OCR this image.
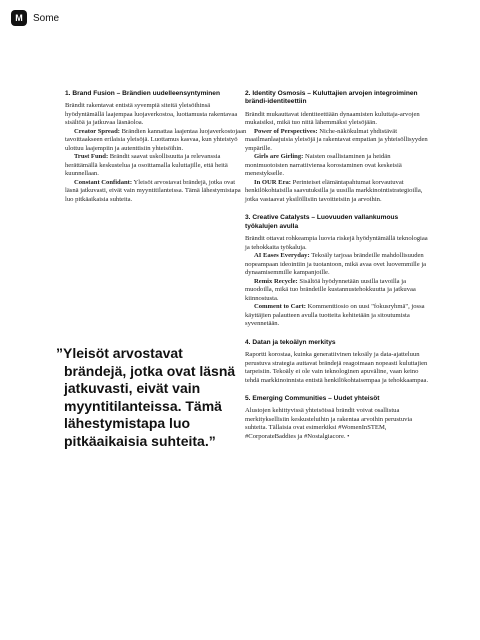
M	Some
1. Brand Fusion – Brändien uudelleensyntyminen

Brändit rakentavat entistä syvempiä siteitä yleisöihinsä hyödyntämällä laajempaa luojaverkostoa, luottamusta rakentavaa sisältöä ja jatkuvaa läsnäoloa.

Creator Spread: Brändien kannattaa laajentaa luojaverkostojaan tavoittaakseen erilaisia yleisöjä. Luottamus kasvaa, kun yhteistyö ulottuu laajempiin ja autenttisiin yhteisöihin.

Trust Fund: Brändit saavat uskollisuutta ja relevanssia herättämällä keskustelua ja osoittamalla kuluttajille, että heitä kuunnellaan.

Constant Confidant: Yleisöt arvostavat brändejä, jotka ovat läsnä jatkuvasti, eivät vain myyntitilanteissa. Tämä lähestymistapa luo pitkäaikaisia suhteita.

”Yleisöt arvostavat brändejä, jotka ovat läsnä jatkuvasti, eivät vain myyntitilanteissa. Tämä lähestymistapa luo pitkäaikaisia suhteita.”

2. Identity Osmosis – Kuluttajien arvojen integroiminen brändi-identiteettiin

Brändit mukauttavat identiteettiään dynaamisten kuluttaja-arvojen mukaisiksi, mikä tuo niitä lähemmäksi yleisöjään.

Power of Perspectives: Niche-näkökulmat yhdistävät maailmanlaajuisia yleisöjä ja rakentavat empatian ja yhteisöllisyyden ympärille.

Girls are Girling: Naisten osallistaminen ja heidän monimuotoisten narratiiviensa korostaminen ovat keskeisiä menestykselle.

In OUR Era: Perinteiset elämäntapahtumat korvautuvat henkilökohtaisilla saavutuksilla ja uusilla markkinointistrategioilla, jotka vastaavat yksilöllisiin tavoitteisiin ja arvoihin.

3. Creative Catalysts – Luovuuden vallankumous työkalujen avulla

Brändit ottavat rohkeampia luovia riskejä hyödyntämällä teknologiaa ja tehokkaita työkaluja.

AI Eases Everyday: Tekoäly tarjoaa brändeille mahdollisuuden nopeampaan ideointiin ja tuotantoon, mikä avaa ovet luovemmille ja dynaamisemmille kampanjoille.

Remix Recycle: Sisältöä hyödynnetään uusilla tavoilla ja muodoilla, mikä tuo brändeille kustannustehokkuutta ja jatkuvaa kiinnostusta.

Comment to Cart: Kommenttiosio on uusi "fokusryhmä", jossa käyttäjien palautteen avulla tuotteita kehitetään ja sitoutumista syvennetään.

4. Datan ja tekoälyn merkitys

Raportti korostaa, kuinka generatiivinen tekoäly ja data-ajatteluun perustuva strategia auttavat brändejä reagoimaan nopeasti kuluttajien tarpeisiin. Tekoäly ei ole vain teknologinen apuväline, vaan keino tehdä markkinoinnista entistä henkilökohtaisempaa ja tehokkaampaa.

5. Emerging Communities – Uudet yhteisöt

Alustojen kehittyvissä yhteisöissä brändit voivat osallistua merkityksellisiin keskusteluihin ja rakentaa arvoihin perustuvia suhteita. Tällaisia ovat esimerkiksi #WomenInSTEM, #CorporateBaddies ja #Nostalgiacore. •
